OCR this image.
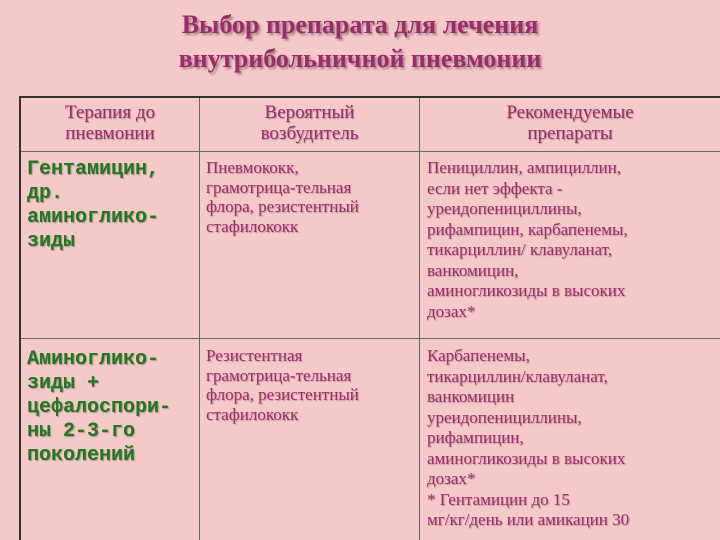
Выбор препарата для лечения
внутрибольничной пневмонии
Терапия до
пневмонии
Вероятный
возбудитель
Рекомендуемые
препараты
Гентамицин,
др.
аминоглико-
зиды
Пневмококк,
грамотрица-тельная
флора, резистентный
стафилококк
Пенициллин, ампициллин,
если нет эффекта -
уреидопенициллины,
рифампицин, карбапенемы,
тикарциллин/ клавуланат,
ванкомицин,
аминогликозиды в высоких
дозах*
Аминоглико-
зиды +
цефалоспори-
ны 2-3-го
поколений
Резистентная
грамотрица-тельная
флора, резистентный
стафилококк
Карбапенемы,
тикарциллин/клавуланат,
ванкомицин
уреидопенициллины,
рифампицин,
аминогликозиды в высоких
дозах*
* Гентамицин до 15
мг/кг/день или амикацин 30
